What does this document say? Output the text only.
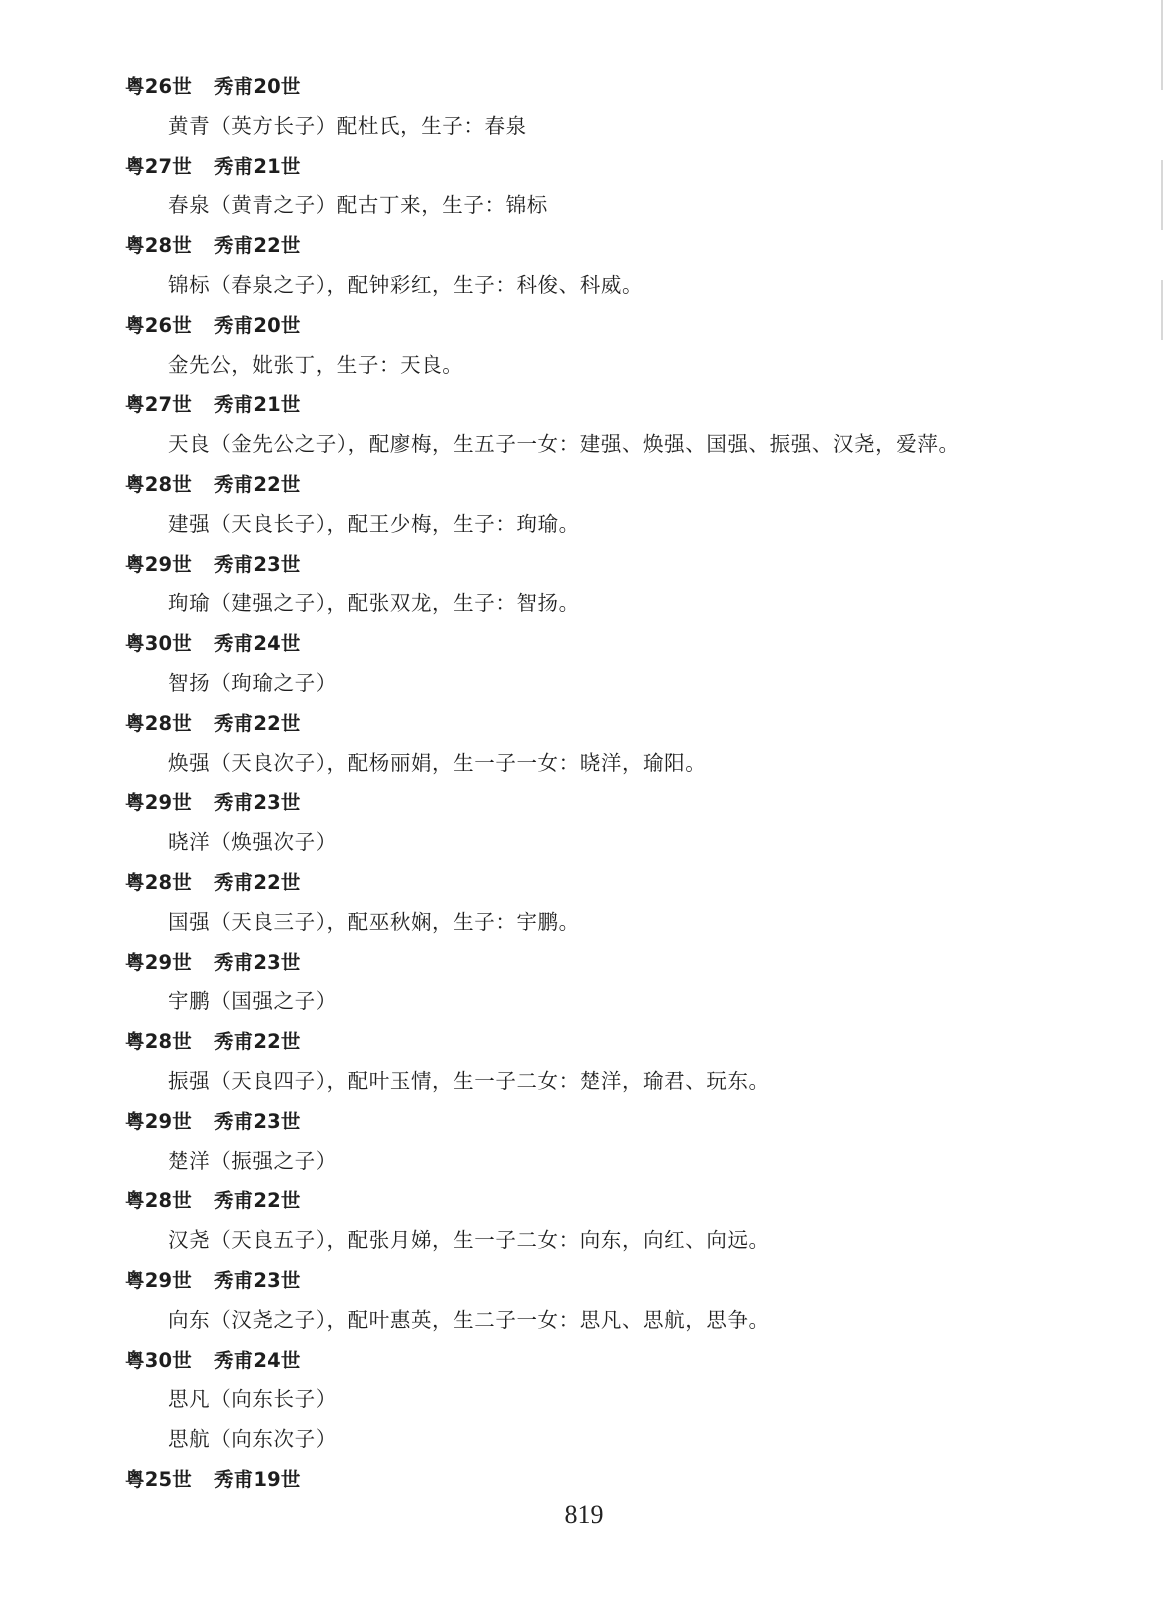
粤26世 秀甫20世
黄青（英方长子）配杜氏，生子：春泉
粤27世 秀甫21世
春泉（黄青之子）配古丁来，生子：锦标
粤28世 秀甫22世
锦标（春泉之子），配钟彩红，生子：科俊、科威。
粤26世 秀甫20世
金先公，妣张丁，生子：天良。
粤27世 秀甫21世
天良（金先公之子），配廖梅，生五子一女：建强、焕强、国强、振强、汉尧，爱萍。
粤28世 秀甫22世
建强（天良长子），配王少梅，生子：珣瑜。
粤29世 秀甫23世
珣瑜（建强之子），配张双龙，生子：智扬。
粤30世 秀甫24世
智扬（珣瑜之子）
粤28世 秀甫22世
焕强（天良次子），配杨丽娟，生一子一女：晓洋，瑜阳。
粤29世 秀甫23世
晓洋（焕强次子）
粤28世 秀甫22世
国强（天良三子），配巫秋娴，生子：宇鹏。
粤29世 秀甫23世
宇鹏（国强之子）
粤28世 秀甫22世
振强（天良四子），配叶玉情，生一子二女：楚洋，瑜君、玩东。
粤29世 秀甫23世
楚洋（振强之子）
粤28世 秀甫22世
汉尧（天良五子），配张月娣，生一子二女：向东，向红、向远。
粤29世 秀甫23世
向东（汉尧之子），配叶惠英，生二子一女：思凡、思航，思争。
粤30世 秀甫24世
思凡（向东长子）
思航（向东次子）
粤25世 秀甫19世
819
